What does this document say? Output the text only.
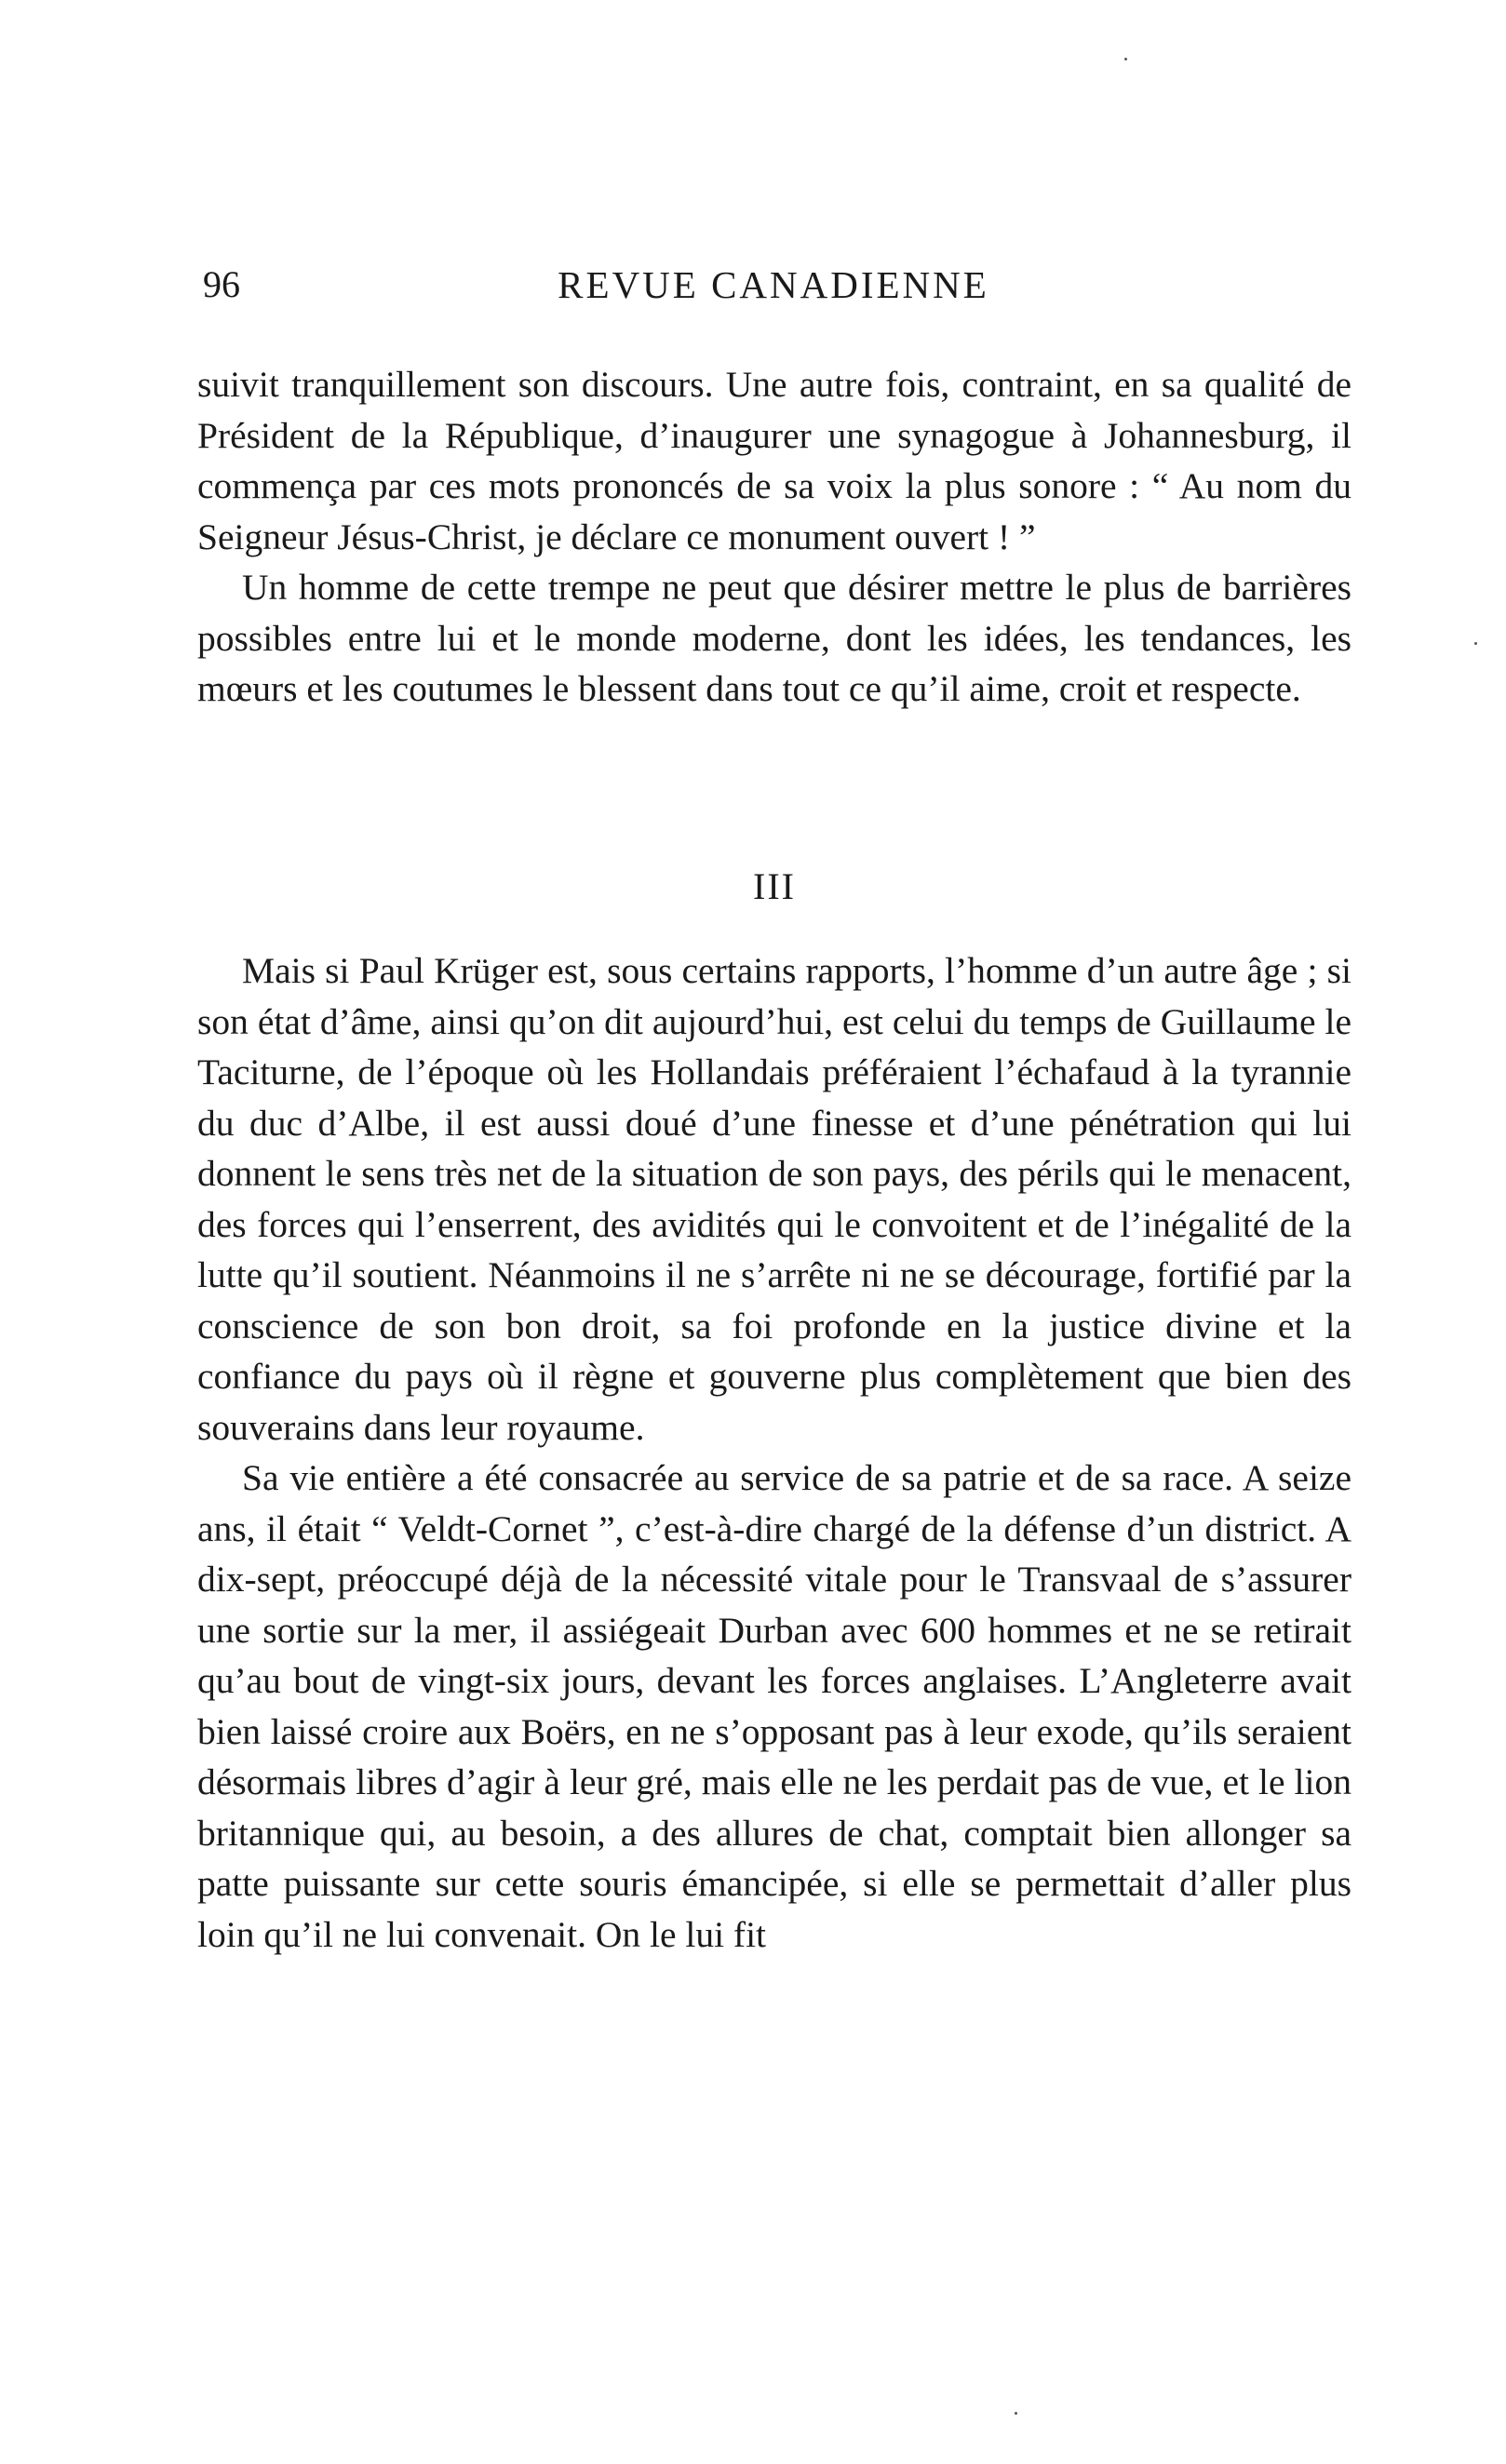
96	REVUE CANADIENNE

suivit tranquillement son discours. Une autre fois, contraint, en sa qualité de Président de la République, d’inaugurer une synagogue à Johannesburg, il commença par ces mots prononcés de sa voix la plus sonore : “ Au nom du Seigneur Jésus-Christ, je déclare ce monument ouvert ! ”

Un homme de cette trempe ne peut que désirer mettre le plus de barrières possibles entre lui et le monde moderne, dont les idées, les tendances, les mœurs et les coutumes le blessent dans tout ce qu’il aime, croit et respecte.

III

Mais si Paul Krüger est, sous certains rapports, l’homme d’un autre âge ; si son état d’âme, ainsi qu’on dit aujourd’hui, est celui du temps de Guillaume le Taciturne, de l’époque où les Hollandais préféraient l’échafaud à la tyrannie du duc d’Albe, il est aussi doué d’une finesse et d’une pénétration qui lui donnent le sens très net de la situation de son pays, des périls qui le menacent, des forces qui l’enserrent, des avidités qui le convoitent et de l’inégalité de la lutte qu’il soutient. Néanmoins il ne s’arrête ni ne se décourage, fortifié par la conscience de son bon droit, sa foi profonde en la justice divine et la confiance du pays où il règne et gouverne plus complètement que bien des souverains dans leur royaume.

Sa vie entière a été consacrée au service de sa patrie et de sa race. A seize ans, il était “ Veldt-Cornet ”, c’est-à-dire chargé de la défense d’un district. A dix-sept, préoccupé déjà de la nécessité vitale pour le Transvaal de s’assurer une sortie sur la mer, il assiégeait Durban avec 600 hommes et ne se retirait qu’au bout de vingt-six jours, devant les forces anglaises. L’Angleterre avait bien laissé croire aux Boërs, en ne s’opposant pas à leur exode, qu’ils seraient désormais libres d’agir à leur gré, mais elle ne les perdait pas de vue, et le lion britannique qui, au besoin, a des allures de chat, comptait bien allonger sa patte puissante sur cette souris émancipée, si elle se permettait d’aller plus loin qu’il ne lui convenait. On le lui fit
